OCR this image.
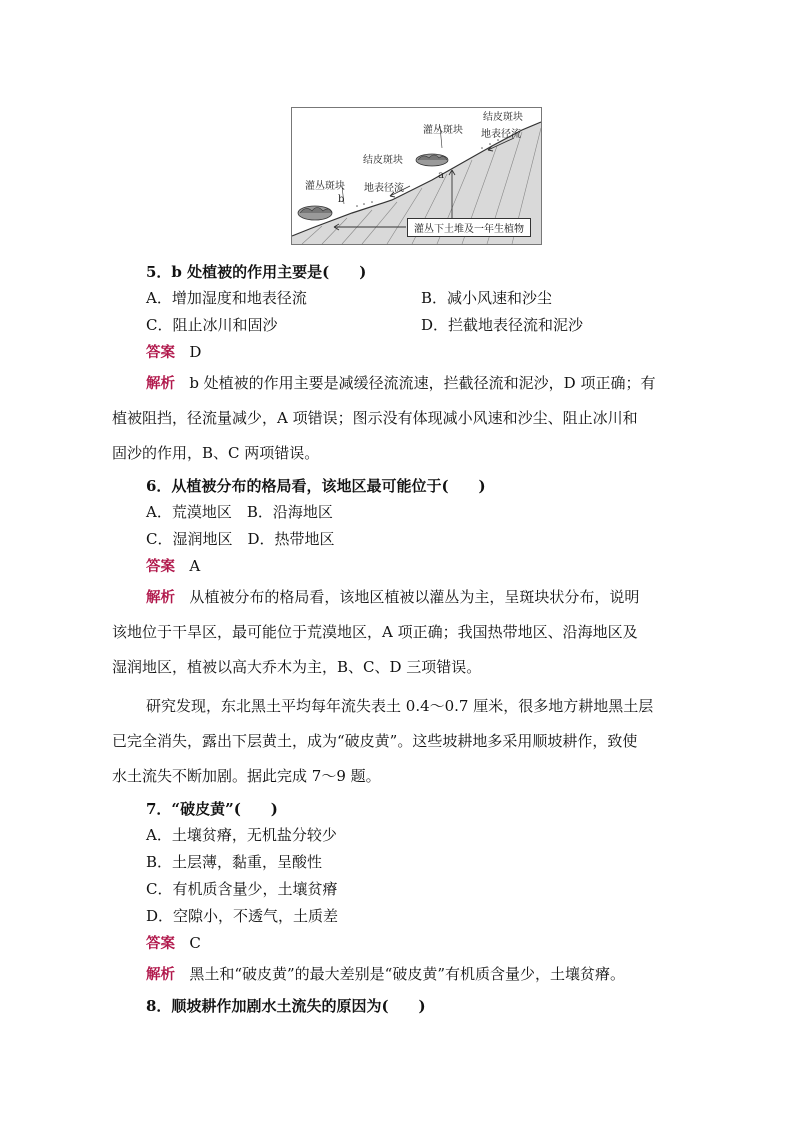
结皮斑块
地表径流
灌丛斑块
结皮斑块
地表径流
灌丛斑块
a
b
灌丛下土堆及一年生植物
5．b 处植被的作用主要是(　　)
A．增加湿度和地表径流	B．减小风速和沙尘
C．阻止冰川和固沙	D．拦截地表径流和泥沙
答案 D
解析 b 处植被的作用主要是减缓径流流速，拦截径流和泥沙，D 项正确；有
植被阻挡，径流量减少，A 项错误；图示没有体现减小风速和沙尘、阻止冰川和
固沙的作用，B、C 两项错误。
6．从植被分布的格局看，该地区最可能位于(　　)
A．荒漠地区　B．沿海地区
C．湿润地区　D．热带地区
答案 A
解析 从植被分布的格局看，该地区植被以灌丛为主，呈斑块状分布，说明
该地位于干旱区，最可能位于荒漠地区，A 项正确；我国热带地区、沿海地区及
湿润地区，植被以高大乔木为主，B、C、D 三项错误。
研究发现，东北黑土平均每年流失表土 0.4～0.7 厘米，很多地方耕地黑土层
已完全消失，露出下层黄土，成为“破皮黄”。这些坡耕地多采用顺坡耕作，致使
水土流失不断加剧。据此完成 7～9 题。
7．“破皮黄”(　　)
A．土壤贫瘠，无机盐分较少
B．土层薄，黏重，呈酸性
C．有机质含量少，土壤贫瘠
D．空隙小，不透气，土质差
答案 C
解析 黑土和“破皮黄”的最大差别是“破皮黄”有机质含量少，土壤贫瘠。
8．顺坡耕作加剧水土流失的原因为(　　)
